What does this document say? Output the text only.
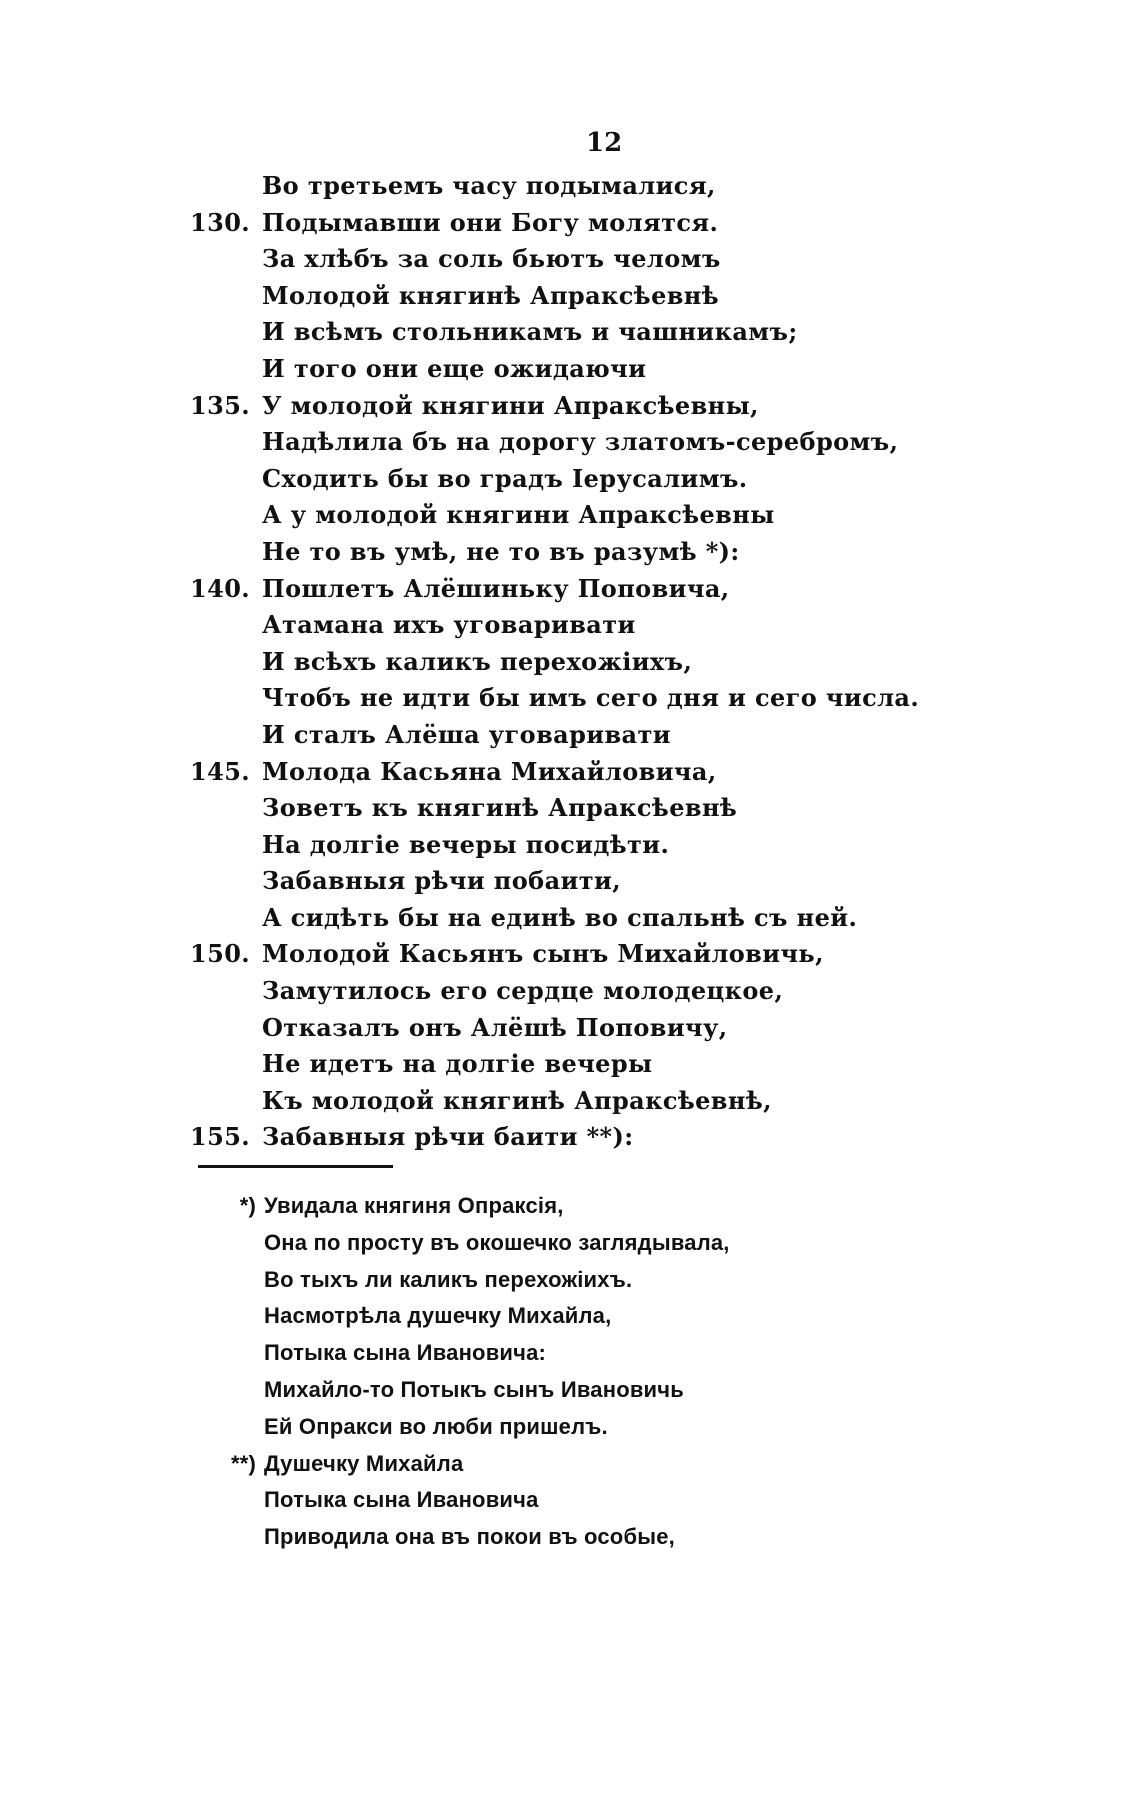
12
Во третьемъ часу подымалися,
130. Подымавши они Богу молятся.
За хлѣбъ за соль бьютъ челомъ
Молодой княгинѣ Апраксѣевнѣ
И всѣмъ стольникамъ и чашникамъ;
И того они еще ожидаючи
135. У молодой княгини Апраксѣевны,
Надѣлила бъ на дорогу златомъ-серебромъ,
Сходить бы во градъ Іерусалимъ.
А у молодой княгини Апраксѣевны
Не то въ умѣ, не то въ разумѣ *):
140. Пошлетъ Алёшиньку Поповича,
Атамана ихъ уговаривати
И всѣхъ каликъ перехожіихъ,
Чтобъ не идти бы имъ сего дня и сего числа.
И сталъ Алёша уговаривати
145. Молода Касьяна Михайловича,
Зоветъ къ княгинѣ Апраксѣевнѣ
На долгіе вечеры посидѣти.
Забавныя рѣчи побаити,
А сидѣть бы на единѣ во спальнѣ съ ней.
150. Молодой Касьянъ сынъ Михайловичь,
Замутилось его сердце молодецкое,
Отказалъ онъ Алёшѣ Поповичу,
Не идетъ на долгіе вечеры
Къ молодой княгинѣ Апраксѣевнѣ,
155. Забавныя рѣчи баити **):
*) Увидала княгиня Опраксія,
Она по просту въ окошечко заглядывала,
Во тыхъ ли каликъ перехожіихъ.
Насмотрѣла душечку Михайла,
Потыка сына Ивановича:
Михайло-то Потыкъ сынъ Ивановичь
Ей Опракси во люби пришелъ.
**) Душечку Михайла
Потыка сына Ивановича
Приводила она въ покои въ особые,
